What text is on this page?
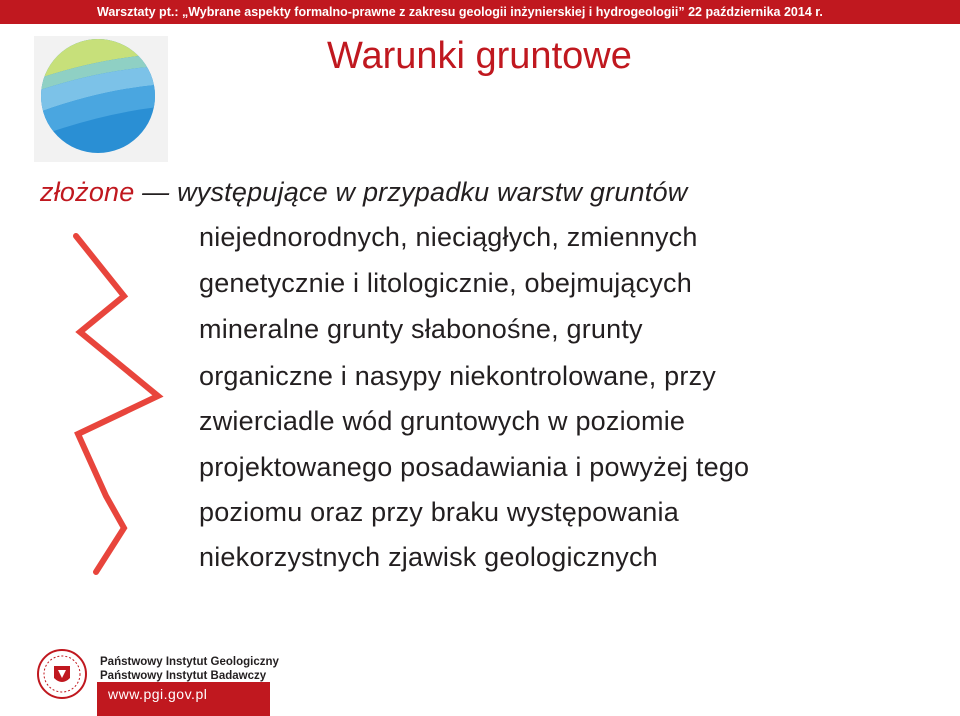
Warsztaty pt.: „Wybrane aspekty formalno-prawne z zakresu geologii inżynierskiej i hydrogeologii” 22 października 2014 r.
Warunki gruntowe
złożone — występujące w przypadku warstw gruntów
niejednorodnych, nieciągłych, zmiennych
genetycznie i litologicznie, obejmujących
mineralne grunty słabonośne, grunty
organiczne i nasypy niekontrolowane, przy
zwierciadle wód gruntowych w poziomie
projektowanego posadawiania i powyżej tego
poziomu oraz przy braku występowania
niekorzystnych zjawisk geologicznych
Państwowy Instytut Geologiczny
Państwowy Instytut Badawczy
www.pgi.gov.pl
